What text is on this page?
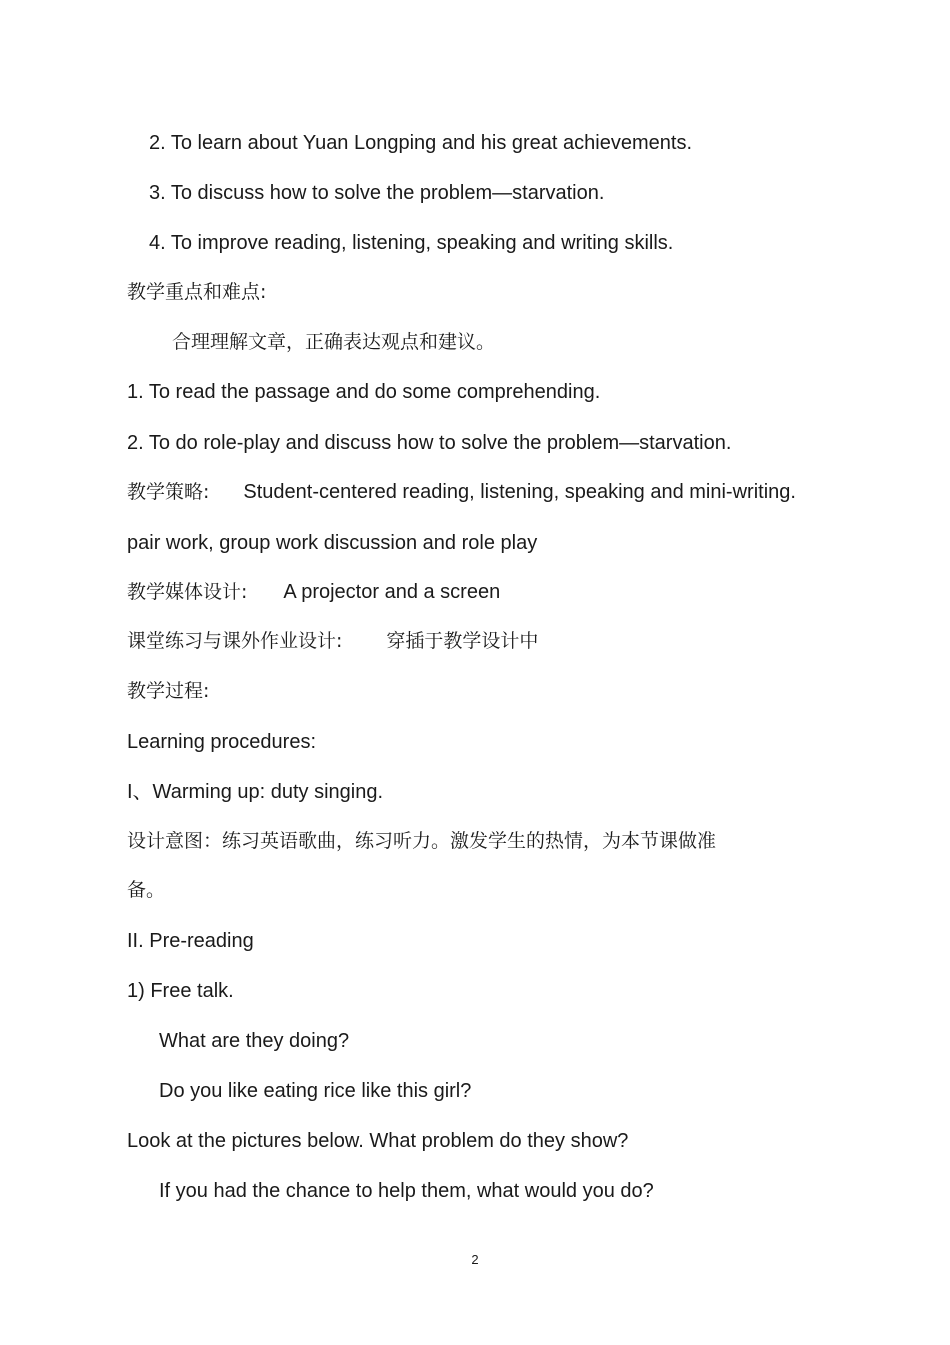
2. To learn about Yuan Longping and his great achievements.
3. To discuss how to solve the problem—starvation.
4. To improve reading, listening, speaking and writing skills.
教学重点和难点:
合理理解文章，正确表达观点和建议。
1. To read the passage and do some comprehending.
2. To do role-play and discuss how to solve the problem—starvation.
教学策略: Student-centered reading, listening, speaking and mini-writing.
pair work, group work discussion and role play
教学媒体设计: A projector and a screen
课堂练习与课外作业设计: 穿插于教学设计中
教学过程:
Learning procedures:
I、Warming up: duty singing.
设计意图：练习英语歌曲，练习听力。激发学生的热情，为本节课做准
备。
II. Pre-reading
1) Free talk.
What are they doing?
Do you like eating rice like this girl?
Look at the pictures below. What problem do they show?
If you had the chance to help them, what would you do?
2
